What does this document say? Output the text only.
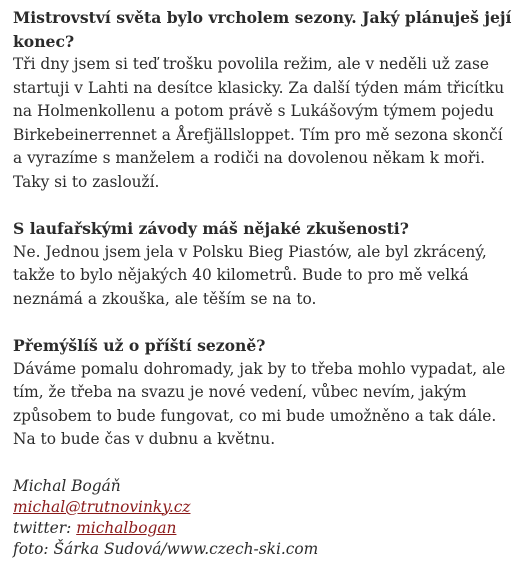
Mistrovství světa bylo vrcholem sezony. Jaký plánuješ její konec?

Tři dny jsem si teď trošku povolila režim, ale v neděli už zase startuji v Lahti na desítce klasicky. Za další týden mám třicítku na Holmenkollenu a potom právě s Lukášovým týmem pojedu Birkebeinerrennet a Årefjällsloppet. Tím pro mě sezona skončí a vyrazíme s manželem a rodiči na dovolenou někam k moři. Taky si to zaslouží.

S laufařskými závody máš nějaké zkušenosti?

Ne. Jednou jsem jela v Polsku Bieg Piastów, ale byl zkrácený, takže to bylo nějakých 40 kilometrů. Bude to pro mě velká neznámá a zkouška, ale těším se na to.

Přemýšlíš už o příští sezoně?

Dáváme pomalu dohromady, jak by to třeba mohlo vypadat, ale tím, že třeba na svazu je nové vedení, vůbec nevím, jakým způsobem to bude fungovat, co mi bude umožněno a tak dále. Na to bude čas v dubnu a květnu.

Michal Bogáň
michal@trutnovinky.cz
twitter: michalbogan
foto: Šárka Sudová/www.czech-ski.com
